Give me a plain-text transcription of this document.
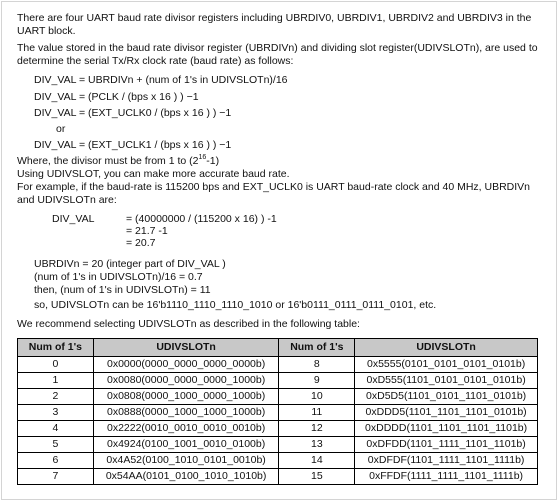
There are four UART baud rate divisor registers including UBRDIV0, UBRDIV1, UBRDIV2 and UBRDIV3 in the
UART block.
The value stored in the baud rate divisor register (UBRDIVn) and dividing slot register(UDIVSLOTn), are used to
determine the serial Tx/Rx clock rate (baud rate) as follows:
DIV_VAL = UBRDIVn + (num of 1's in UDIVSLOTn)/16
DIV_VAL = (PCLK / (bps x 16 ) ) −1
DIV_VAL = (EXT_UCLK0 / (bps x 16 ) ) −1
or
DIV_VAL = (EXT_UCLK1 / (bps x 16 ) ) −1
Where, the divisor must be from 1 to $(2^{16}-1)$
Using UDIVSLOT, you can make more accurate baud rate.
For example, if the baud-rate is 115200 bps and EXT_UCLK0 is UART baud-rate clock and 40 MHz, UBRDIVn
and UDIVSLOTn are:
DIV_VAL	= (40000000 / (115200 x 16) ) -1
= 21.7 -1
= 20.7
UBRDIVn = 20 (integer part of DIV_VAL )
(num of 1's in UDIVSLOTn)/16 = 0.7
then, (num of 1's in UDIVSLOTn) = 11
so, UDIVSLOTn can be 16'b1110_1110_1110_1010 or 16'b0111_0111_0111_0101, etc.
We recommend selecting UDIVSLOTn as described in the following table:
Num of 1's	UDIVSLOTn	Num of 1's	UDIVSLOTn
0	0x0000(0000_0000_0000_0000b)	8	0x5555(0101_0101_0101_0101b)
1	0x0080(0000_0000_0000_1000b)	9	0xD555(1101_0101_0101_0101b)
2	0x0808(0000_1000_0000_1000b)	10	0xD5D5(1101_0101_1101_0101b)
3	0x0888(0000_1000_1000_1000b)	11	0xDDD5(1101_1101_1101_0101b)
4	0x2222(0010_0010_0010_0010b)	12	0xDDDD(1101_1101_1101_1101b)
5	0x4924(0100_1001_0010_0100b)	13	0xDFDD(1101_1111_1101_1101b)
6	0x4A52(0100_1010_0101_0010b)	14	0xDFDF(1101_1111_1101_1111b)
7	0x54AA(0101_0100_1010_1010b)	15	0xFFDF(1111_1111_1101_1111b)
